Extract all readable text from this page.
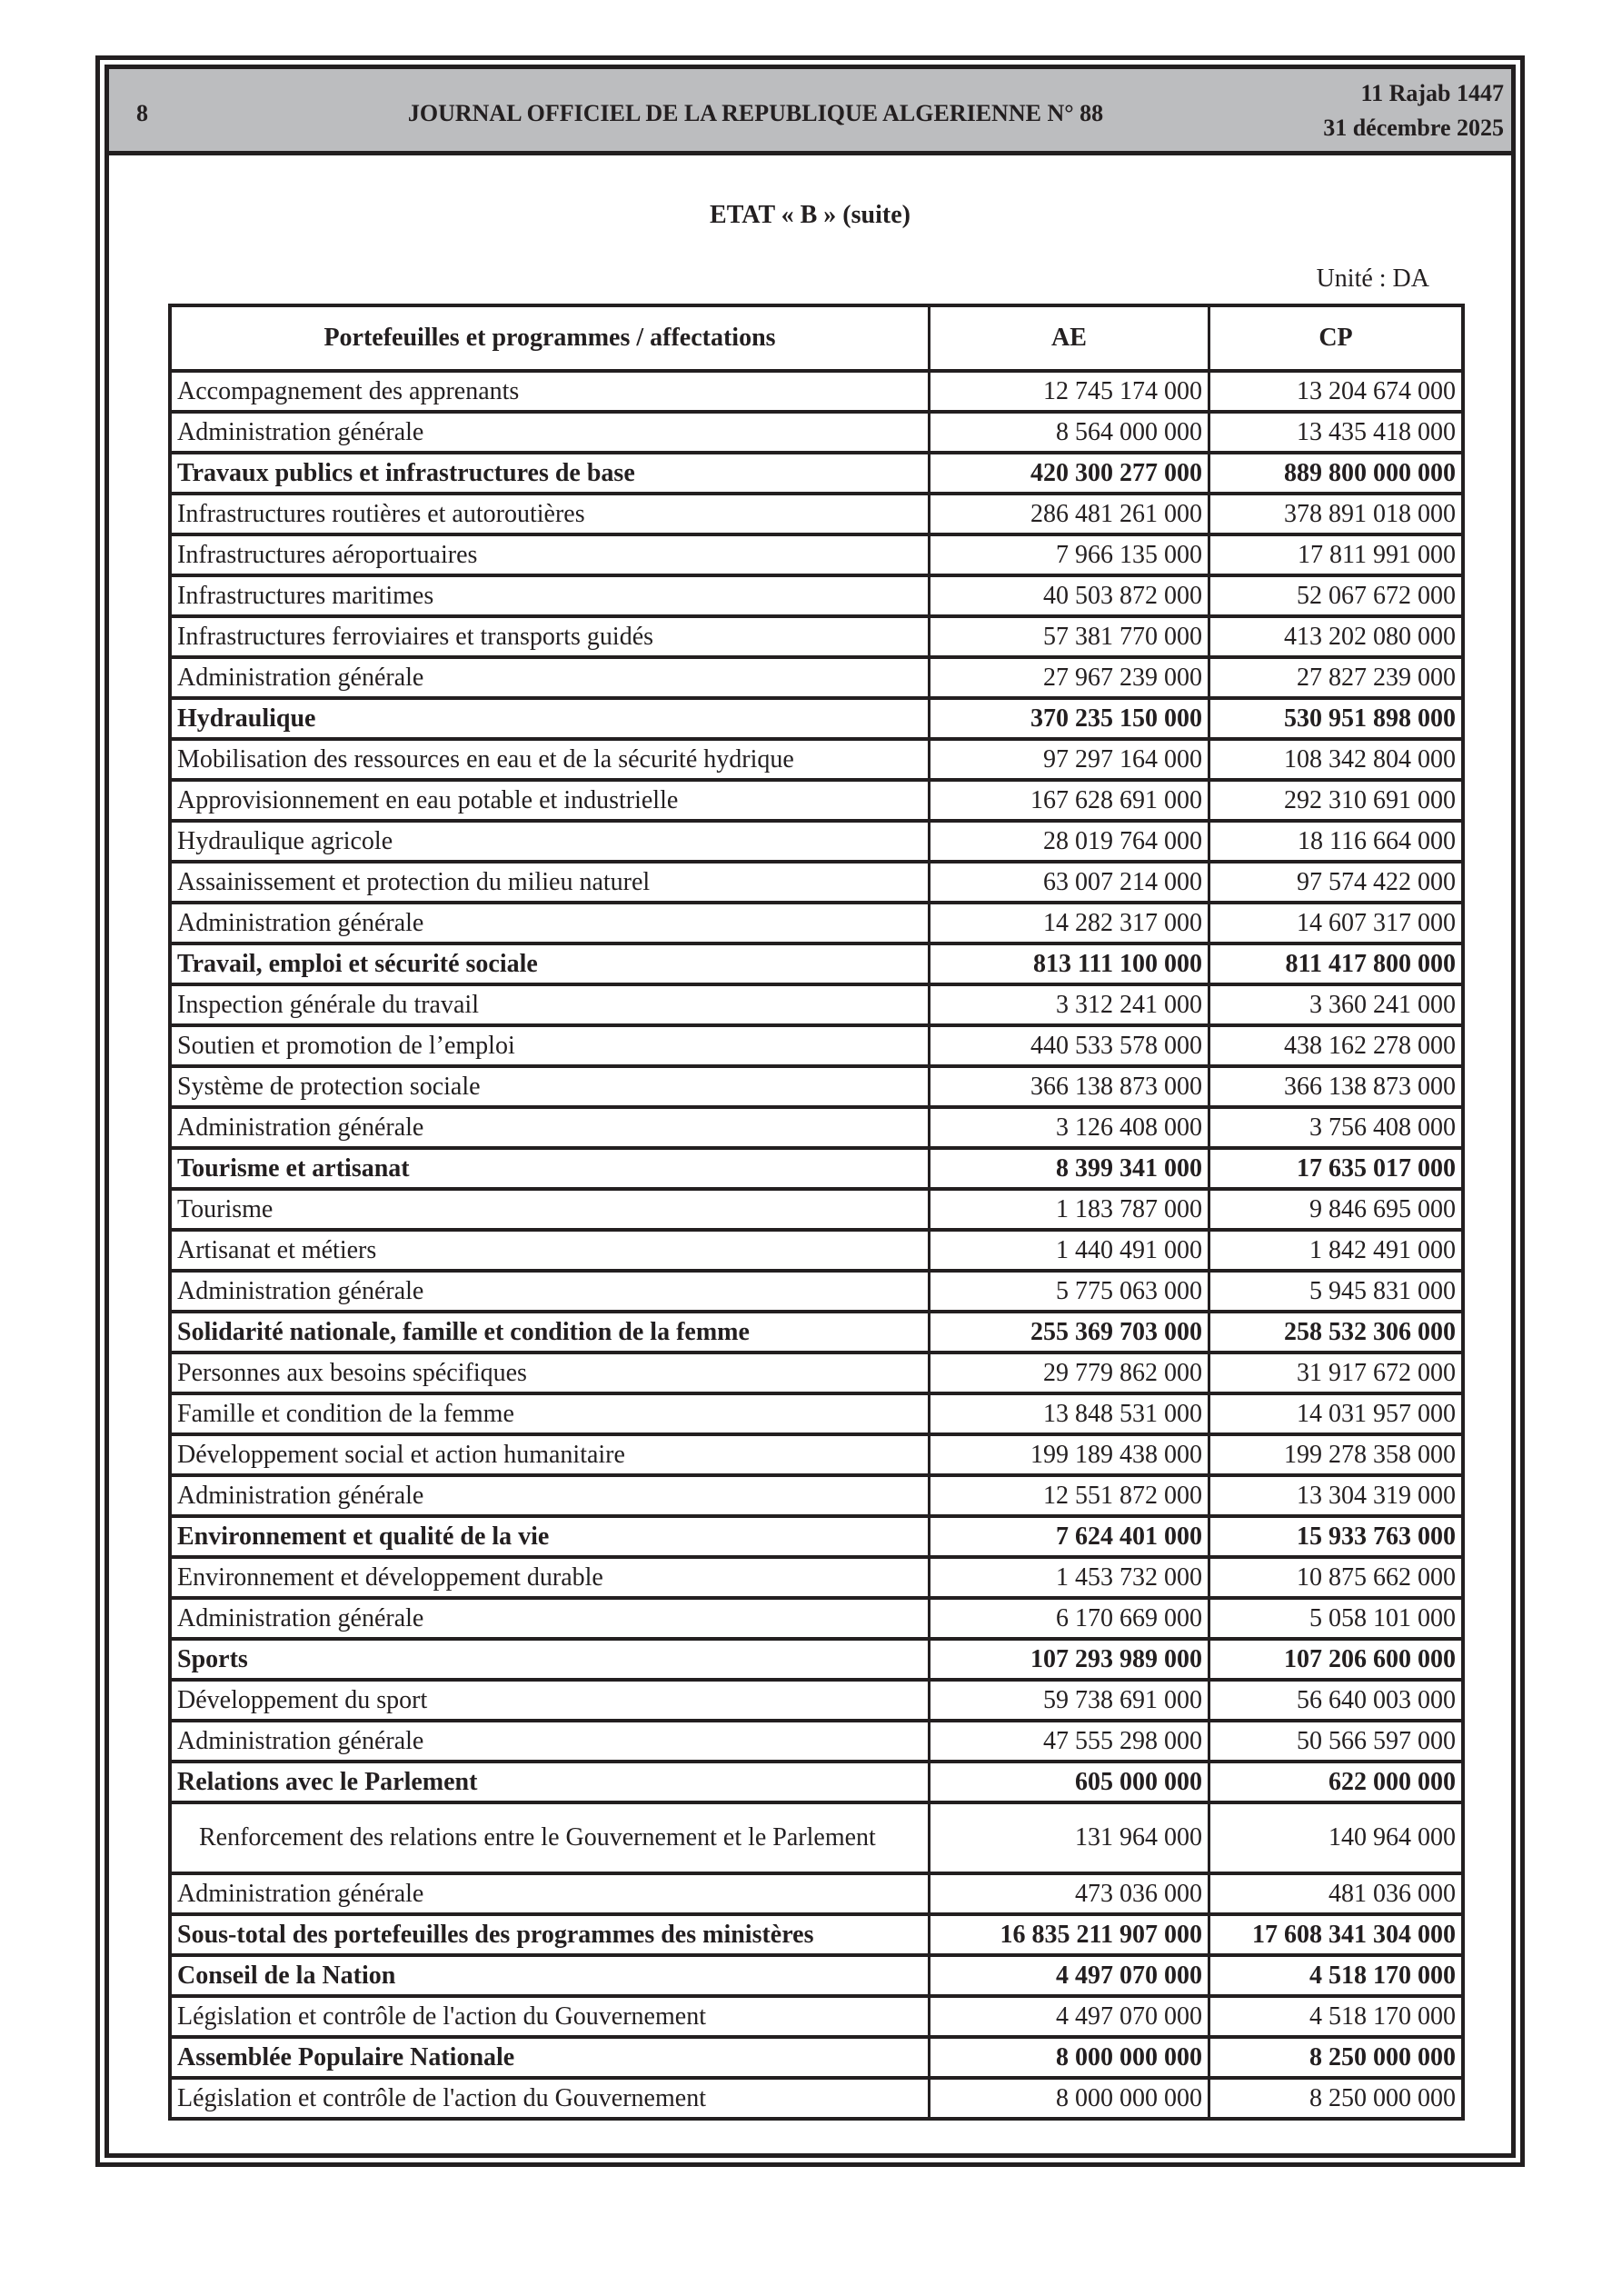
8	JOURNAL OFFICIEL DE LA REPUBLIQUE ALGERIENNE N° 88
11 Rajab 1447
31 décembre 2025
ETAT « B » (suite)
Unité : DA
Portefeuilles et programmes / affectations	AE	CP
Accompagnement des apprenants	12 745 174 000	13 204 674 000
Administration générale	8 564 000 000	13 435 418 000
Travaux publics et infrastructures de base	420 300 277 000	889 800 000 000
Infrastructures routières et autoroutières	286 481 261 000	378 891 018 000
Infrastructures aéroportuaires	7 966 135 000	17 811 991 000
Infrastructures maritimes	40 503 872 000	52 067 672 000
Infrastructures ferroviaires et transports guidés	57 381 770 000	413 202 080 000
Administration générale	27 967 239 000	27 827 239 000
Hydraulique	370 235 150 000	530 951 898 000
Mobilisation des ressources en eau et de la sécurité hydrique	97 297 164 000	108 342 804 000
Approvisionnement en eau potable et industrielle	167 628 691 000	292 310 691 000
Hydraulique agricole	28 019 764 000	18 116 664 000
Assainissement et protection du milieu naturel	63 007 214 000	97 574 422 000
Administration générale	14 282 317 000	14 607 317 000
Travail, emploi et sécurité sociale	813 111 100 000	811 417 800 000
Inspection générale du travail	3 312 241 000	3 360 241 000
Soutien et promotion de l’emploi	440 533 578 000	438 162 278 000
Système de protection sociale	366 138 873 000	366 138 873 000
Administration générale	3 126 408 000	3 756 408 000
Tourisme et artisanat	8 399 341 000	17 635 017 000
Tourisme	1 183 787 000	9 846 695 000
Artisanat et métiers	1 440 491 000	1 842 491 000
Administration générale	5 775 063 000	5 945 831 000
Solidarité nationale, famille et condition de la femme	255 369 703 000	258 532 306 000
Personnes aux besoins spécifiques	29 779 862 000	31 917 672 000
Famille et condition de la femme	13 848 531 000	14 031 957 000
Développement social et action humanitaire	199 189 438 000	199 278 358 000
Administration générale	12 551 872 000	13 304 319 000
Environnement et qualité de la vie	7 624 401 000	15 933 763 000
Environnement et développement durable	1 453 732 000	10 875 662 000
Administration générale	6 170 669 000	5 058 101 000
Sports	107 293 989 000	107 206 600 000
Développement du sport	59 738 691 000	56 640 003 000
Administration générale	47 555 298 000	50 566 597 000
Relations avec le Parlement	605 000 000	622 000 000
Renforcement des relations entre le Gouvernement et le Parlement	131 964 000	140 964 000
Administration générale	473 036 000	481 036 000
Sous-total des portefeuilles des programmes des ministères	16 835 211 907 000	17 608 341 304 000
Conseil de la Nation	4 497 070 000	4 518 170 000
Législation et contrôle de l'action du Gouvernement	4 497 070 000	4 518 170 000
Assemblée Populaire Nationale	8 000 000 000	8 250 000 000
Législation et contrôle de l'action du Gouvernement	8 000 000 000	8 250 000 000
